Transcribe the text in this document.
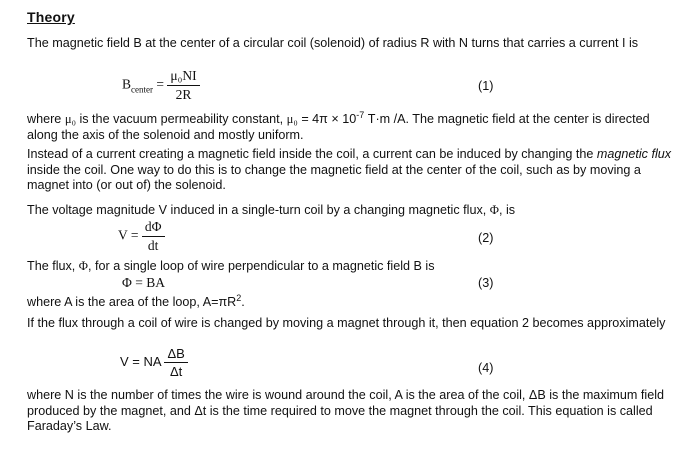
Theory

The magnetic field B at the center of a circular coil (solenoid) of radius R with N turns that carries a current I is

$B_{center} = \frac{\text{μ₀NI}}{2R}$	(1)

where μ₀ is the vacuum permeability constant, $\mu_0 = 4\pi \times 10^{-7}$ T·m /A. The magnetic field at the center is directed along the axis of the solenoid and mostly uniform.

Instead of a current creating a magnetic field inside the coil, a current can be induced by changing the magnetic flux inside the coil. One way to do this is to change the magnetic field at the center of the coil, such as by moving a magnet into (or out of) the solenoid.

The voltage magnitude V induced in a single-turn coil by a changing magnetic flux, Φ, is

$V = \frac{d\Phi}{dt}$	(2)

The flux, Φ, for a single loop of wire perpendicular to a magnetic field B is

Φ = BA	(3)

where A is the area of the loop, $A=\pi R^2$.

If the flux through a coil of wire is changed by moving a magnet through it, then equation 2 becomes approximately

V = NA $\frac{\Delta B}{\Delta t}$	(4)

where N is the number of times the wire is wound around the coil, A is the area of the coil, ΔB is the maximum field produced by the magnet, and Δt is the time required to move the magnet through the coil. This equation is called Faraday’s Law.
